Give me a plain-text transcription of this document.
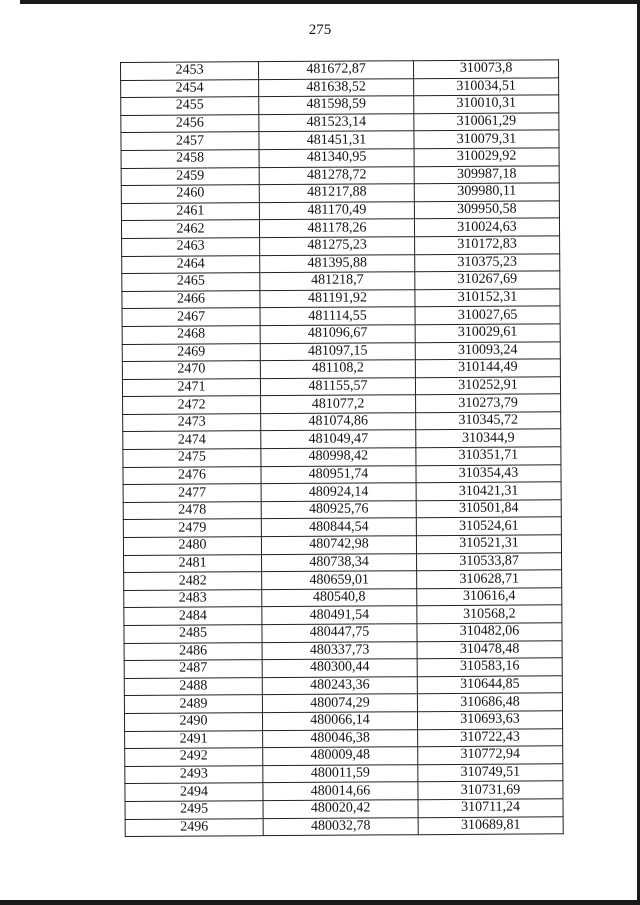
275
2453	481672,87	310073,8
2454	481638,52	310034,51
2455	481598,59	310010,31
2456	481523,14	310061,29
2457	481451,31	310079,31
2458	481340,95	310029,92
2459	481278,72	309987,18
2460	481217,88	309980,11
2461	481170,49	309950,58
2462	481178,26	310024,63
2463	481275,23	310172,83
2464	481395,88	310375,23
2465	481218,7	310267,69
2466	481191,92	310152,31
2467	481114,55	310027,65
2468	481096,67	310029,61
2469	481097,15	310093,24
2470	481108,2	310144,49
2471	481155,57	310252,91
2472	481077,2	310273,79
2473	481074,86	310345,72
2474	481049,47	310344,9
2475	480998,42	310351,71
2476	480951,74	310354,43
2477	480924,14	310421,31
2478	480925,76	310501,84
2479	480844,54	310524,61
2480	480742,98	310521,31
2481	480738,34	310533,87
2482	480659,01	310628,71
2483	480540,8	310616,4
2484	480491,54	310568,2
2485	480447,75	310482,06
2486	480337,73	310478,48
2487	480300,44	310583,16
2488	480243,36	310644,85
2489	480074,29	310686,48
2490	480066,14	310693,63
2491	480046,38	310722,43
2492	480009,48	310772,94
2493	480011,59	310749,51
2494	480014,66	310731,69
2495	480020,42	310711,24
2496	480032,78	310689,81
